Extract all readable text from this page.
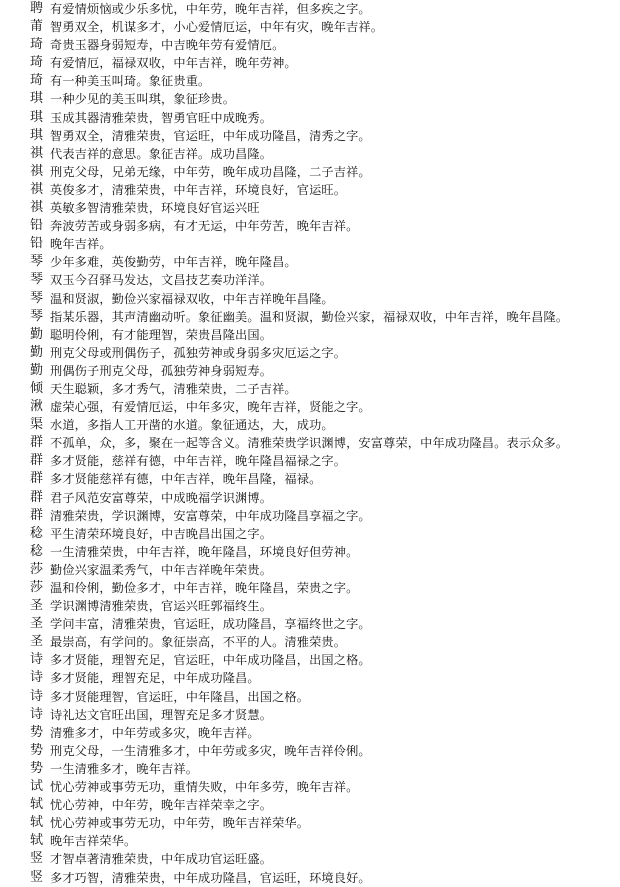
聘 有爱情烦恼或少乐多忧，中年劳，晚年吉祥，但多疾之字。
莆 智勇双全，机谋多才，小心爱情厄运，中年有灾，晚年吉祥。
琦 奇贵玉器身弱短寿，中吉晚年劳有爱情厄。
琦 有爱情厄，福禄双收，中年吉祥，晚年劳神。
琦 有一种美玉叫琦。象征贵重。
琪 一种少见的美玉叫琪，象征珍贵。
琪 玉成其器清雅荣贵，智勇官旺中成晚秀。
琪 智勇双全，清雅荣贵，官运旺，中年成功隆昌，清秀之字。
祺 代表吉祥的意思。象征吉祥。成功昌隆。
祺 刑克父母，兄弟无缘，中年劳，晚年成功昌隆，二子吉祥。
祺 英俊多才，清雅荣贵，中年吉祥，环境良好，官运旺。
祺 英敏多智清雅荣贵，环境良好官运兴旺
铅 奔波劳苦或身弱多病，有才无运，中年劳苦，晚年吉祥。
铅 晚年吉祥。
琴 少年多难，英俊勤劳，中年吉祥，晚年隆昌。
琴 双玉今召驿马发达，文昌技艺奏功洋洋。
琴 温和贤淑，勤俭兴家福禄双收，中年吉祥晚年昌隆。
琴 指某乐器，其声清幽动听。象征幽美。温和贤淑，勤俭兴家，福禄双收，中年吉祥，晚年昌隆。
勤 聪明伶俐，有才能理智，荣贵昌隆出国。
勤 刑克父母或刑偶伤子，孤独劳神或身弱多灾厄运之字。
勤 刑偶伤子刑克父母，孤独劳神身弱短寿。
倾 天生聪颖，多才秀气，清雅荣贵，二子吉祥。
湫 虚荣心强，有爱情厄运，中年多灾，晚年吉祥，贤能之字。
渠 水道，多指人工开凿的水道。象征通达，大，成功。
群 不孤单，众，多，聚在一起等含义。清雅荣贵学识渊博，安富尊荣，中年成功隆昌。表示众多。
群 多才贤能，慈祥有德，中年吉祥，晚年隆昌福禄之字。
群 多才贤能慈祥有德，中年吉祥，晚年昌隆，福禄。
群 君子风范安富尊荣，中成晚福学识渊博。
群 清雅荣贵，学识渊博，安富尊荣，中年成功隆昌享福之字。
稔 平生清荣环境良好，中吉晚昌出国之字。
稔 一生清雅荣贵，中年吉祥，晚年隆昌，环境良好但劳神。
莎 勤俭兴家温柔秀气，中年吉祥晚年荣贵。
莎 温和伶俐，勤俭多才，中年吉祥，晚年隆昌，荣贵之字。
圣 学识渊博清雅荣贵，官运兴旺郭福终生。
圣 学问丰富，清雅荣贵，官运旺，成功隆昌，享福终世之字。
圣 最崇高，有学问的。象征崇高，不平的人。清雅荣贵。
诗 多才贤能，理智充足，官运旺，中年成功隆昌，出国之格。
诗 多才贤能，理智充足，中年成功隆昌。
诗 多才贤能理智，官运旺，中年隆昌，出国之格。
诗 诗礼达文官旺出国，理智充足多才贤慧。
势 清雅多才，中年劳或多灾，晚年吉祥。
势 刑克父母，一生清雅多才，中年劳或多灾，晚年吉祥伶俐。
势 一生清雅多才，晚年吉祥。
试 忧心劳神或事劳无功，重情失败，中年多劳，晚年吉祥。
轼 忧心劳神，中年劳，晚年吉祥荣幸之字。
轼 忧心劳神或事劳无功，中年劳，晚年吉祥荣华。
轼 晚年吉祥荣华。
竖 才智卓著清雅荣贵，中年成功官运旺盛。
竖 多才巧智，清雅荣贵，中年成功隆昌，官运旺，环境良好。
